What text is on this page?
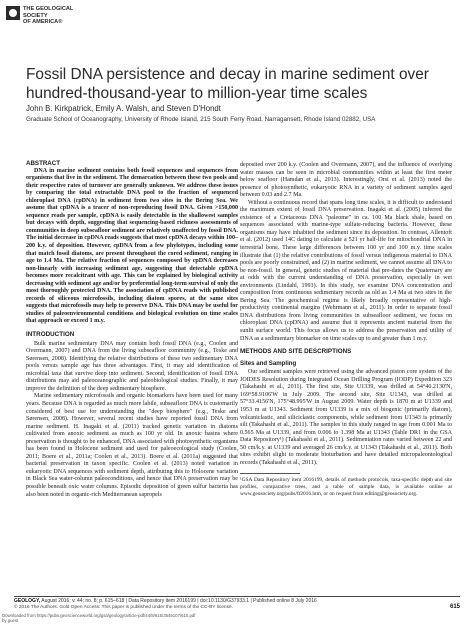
THE GEOLOGICAL SOCIETY
OF AMERICA®
Fossil DNA persistence and decay in marine sediment over hundred-thousand-year to million-year time scales
John B. Kirkpatrick, Emily A. Walsh, and Steven D'Hondt
Graduate School of Oceanography, University of Rhode Island, 215 South Ferry Road, Narragansett, Rhode Island 02882, USA
ABSTRACT

DNA in marine sediment contains both fossil sequences and sequences from organisms that live in the sediment. The demarcation between these two pools and their respective rates of turnover are generally unknown. We address these issues by comparing the total extractable DNA pool to the fraction of sequenced chloroplast DNA (cpDNA) in sediment from two sites in the Bering Sea. We assume that cpDNA is a tracer of non-reproducing fossil DNA. Given >150,000 sequence reads per sample, cpDNA is easily detectable in the shallowest samples but decays with depth, suggesting that sequencing-based richness assessments of communities in deep subseafloor sediment are relatively unaffected by fossil DNA. The initial decrease in cpDNA reads suggests that most cpDNA decays within 100–200 k.y. of deposition. However, cpDNA from a few phylotypes, including some that match fossil diatoms, are present throughout the cored sediment, ranging in age to 1.4 Ma. The relative fraction of sequences composed by cpDNA decreases non-linearly with increasing sediment age, suggesting that detectable cpDNA becomes more recalcitrant with age. This can be explained by biological activity decreasing with sediment age and/or by preferential long-term survival of only the most thoroughly protected DNA. The association of cpDNA reads with published records of siliceous microfossils, including diatom spores, at the same sites suggests that microfossils may help to preserve DNA. This DNA may be useful for studies of paleoenvironmental conditions and biological evolution on time scales that approach or exceed 1 m.y.

INTRODUCTION

Bulk marine sedimentary DNA may contain both fossil DNA (e.g., Coolen and Overmann, 2007) and DNA from the living subseafloor community (e.g., Teske and Sørensen, 2008). Identifying the relative distributions of these two sedimentary DNA pools versus sample age has three advantages. First, it may aid identification of microbial taxa that survive deep into sediment. Second, identification of fossil DNA distributions may aid paleoceanographic and paleobiological studies. Finally, it may improve the definition of the deep sedimentary biosphere.

Marine sedimentary microfossils and organic biomarkers have been used for many years. Because DNA is regarded as much more labile, subseafloor DNA is customarily considered of best use for understanding the "deep biosphere" (e.g., Teske and Sørensen, 2008). However, several recent studies have reported fossil DNA from marine sediment. H. Inagaki et al. (2011) tracked genetic variation in diatoms cultivated from anoxic sediment as much as 100 yr old. In anoxic basins where preservation is thought to be enhanced, DNA associated with photosynthetic organisms has been found in Holocene sediment and used for paleoecological study (Coolen, 2011; Boere et al., 2011a; Coolen et al., 2013). Boere et al. (2011a) suggested that bacterial preservation in taxon specific. Coolen et al. (2013) noted variation in eukaryotic DNA sequences with sediment depth, attributing this to Holocene variation in Black Sea water-column paleoconditions, and hence that DNA preservation may be possible beneath oxic water columns. Episodic deposition of green sulfur bacteria has also been noted in organic-rich Mediterranean sapropels

deposited over 200 k.y. (Coolen and Overmann, 2007), and the influence of overlying water masses can be seen in microbial communities within at least the first meter below seafloor (Hamdan et al., 2013). Interestingly, Orsi et al. (2013) noted the presence of photosynthetic, eukaryotic RNA in a variety of sediment samples aged between 0.03 and 2.7 Ma.

Without a continuous record that spans long time scales, it is difficult to understand the maximum extent of fossil DNA preservation. Inagaki et al. (2005) inferred the existence of a Cretaceous DNA "paleome" in ca. 100 Ma black shale, based on sequences associated with marine-type sulfate-reducing bacteria. However, these organisms may have inhabited the sediment since its deposition. In contrast, Allentoft et al. (2012) used 14C dating to calculate a 521 yr half-life for mitochondrial DNA in terrestrial bone. These large differences between 100 yr and 100 m.y. time scales illustrate that (1) the relative contributions of fossil versus indigenous material to DNA pools are poorly constrained, and (2) in marine sediment, we cannot assume all DNA to be non-fossil. In general, genetic studies of material that pre-dates the Quaternary are at odds with the current understanding of DNA preservation, especially in wet environments (Lindahl, 1993). In this study, we examine DNA concentration and composition from continuous sedimentary records as old as 1.4 Ma at two sites in the Bering Sea. The geochemical regime is likely broadly representative of high-productivity continental margins (Wehrmann et al., 2011). In order to separate fossil DNA distributions from living communities in subseafloor sediment, we focus on chloroplast DNA (cpDNA) and assume that it represents ancient material from the sunlit surface world. This focus allows us to address the preservation and utility of DNA as a sedimentary biomarker on time scales up to and greater than 1 m.y.

METHODS AND SITE DESCRIPTIONS
Sites and Sampling

Our sediment samples were retrieved using the advanced piston core system of the JOIDES Resolution during Integrated Ocean Drilling Program (IODP) Expedition 323 (Takahashi et al., 2011). The first site, Site U1339, was drilled at 54°40.2130'N, 169°58.9106'W in July 2009. The second site, Site U1343, was drilled at 57°33.4156'N, 175°48.995'W in August 2009. Water depth is 1870 m at U1339 and 1953 m at U1343. Sediment from U1339 is a mix of biogenic (primarily diatom), volcaniclastic, and siliciclastic components, while sediment from U1343 is primarily silt (Takahashi et al., 2011). The samples in this study ranged in age from 0.001 Ma to 0.565 Ma at U1339, and from 0.006 to 1.398 Ma at U1343 (Table DR1 in the GSA Data Repository¹) (Takahashi et al., 2011). Sedimentation rates varied between 22 and 50 cm/k.y. at U1339 and averaged 26 cm/k.y. at U1343 (Takahashi et al., 2011). Both sites exhibit slight to moderate bioturbation and have detailed micropaleontological records (Takahashi et al., 2011).

¹GSA Data Repository item 2016199, details of methods protocols, taxa-specific depth and site profiles, comparative trees, and a table of sample data, is available online at www.geosociety.org/pubs/ft2016.htm, or on request from editing@geosociety.org.

GEOLOGY, August 2016; v. 44; no. 8; p. 615–618 | Data Repository item 2016199 | doi:10.1130/G37933.1 | Published online 8 July 2016
© 2016 The Authors. Gold Open Access: This paper is published under the terms of the CC-BY license.	615
Downloaded from https://pubs.geoscienceworld.org/gsa/geology/article-pdf/44/8/615/3549107/615.pdf
by guest
